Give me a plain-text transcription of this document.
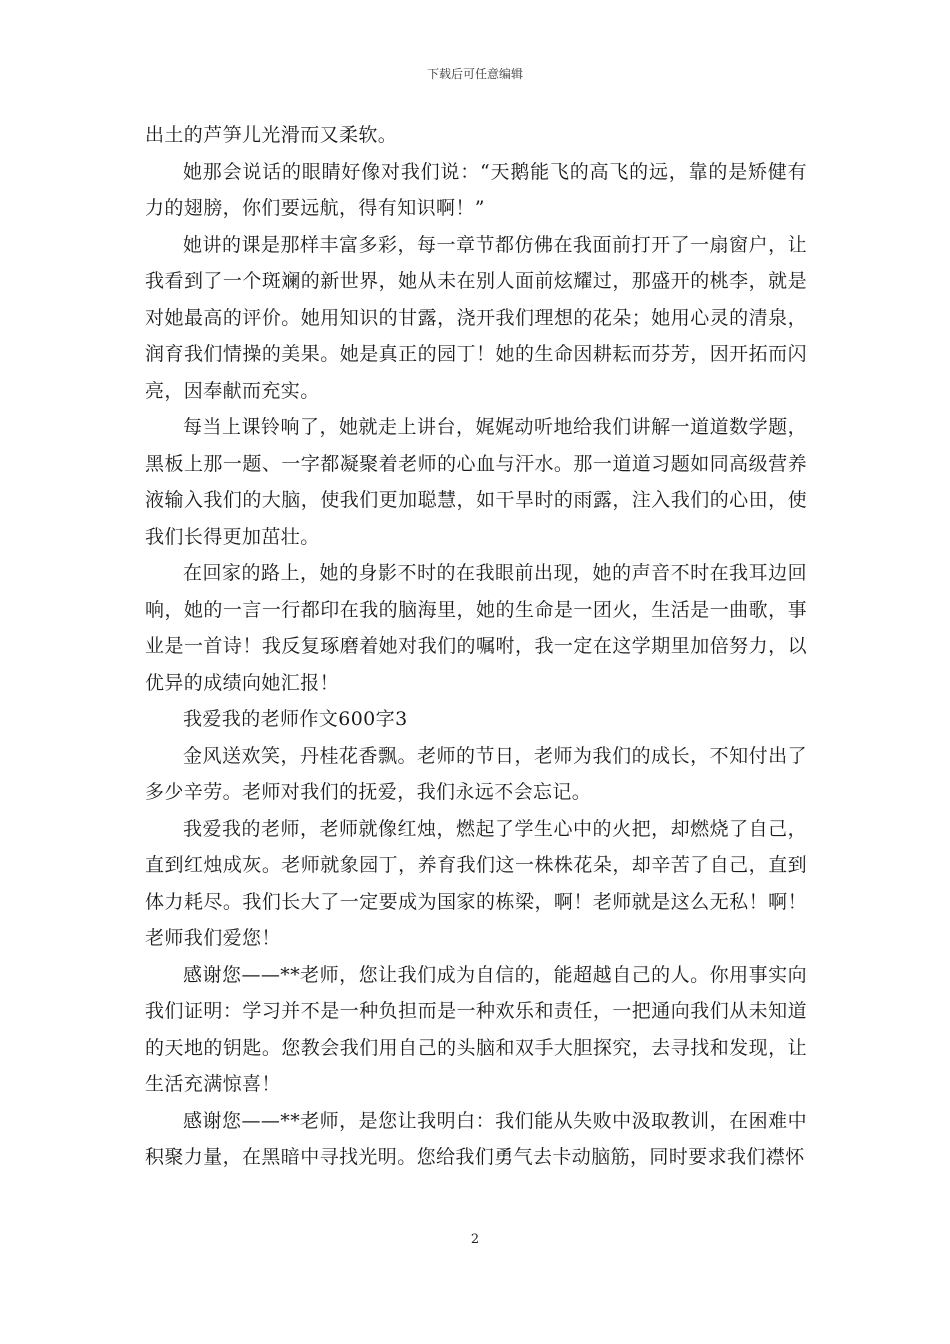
下载后可任意编辑

出土的芦笋儿光滑而又柔软。

她那会说话的眼睛好像对我们说：“天鹅能飞的高飞的远，靠的是矫健有力的翅膀，你们要远航，得有知识啊！”

她讲的课是那样丰富多彩，每一章节都仿佛在我面前打开了一扇窗户，让我看到了一个斑斓的新世界，她从未在别人面前炫耀过，那盛开的桃李，就是对她最高的评价。她用知识的甘露，浇开我们理想的花朵；她用心灵的清泉，润育我们情操的美果。她是真正的园丁！她的生命因耕耘而芬芳，因开拓而闪亮，因奉献而充实。

每当上课铃响了，她就走上讲台，娓娓动听地给我们讲解一道道数学题，黑板上那一题、一字都凝聚着老师的心血与汗水。那一道道习题如同高级营养液输入我们的大脑，使我们更加聪慧，如干旱时的雨露，注入我们的心田，使我们长得更加茁壮。

在回家的路上，她的身影不时的在我眼前出现，她的声音不时在我耳边回响，她的一言一行都印在我的脑海里，她的生命是一团火，生活是一曲歌，事业是一首诗！我反复琢磨着她对我们的嘱咐，我一定在这学期里加倍努力，以优异的成绩向她汇报！

我爱我的老师作文600字3

金风送欢笑，丹桂花香飘。老师的节日，老师为我们的成长，不知付出了多少辛劳。老师对我们的抚爱，我们永远不会忘记。

我爱我的老师，老师就像红烛，燃起了学生心中的火把，却燃烧了自己，直到红烛成灰。老师就象园丁，养育我们这一株株花朵，却辛苦了自己，直到体力耗尽。我们长大了一定要成为国家的栋梁，啊！老师就是这么无私！啊！老师我们爱您！

感谢您——**老师，您让我们成为自信的，能超越自己的人。你用事实向我们证明：学习并不是一种负担而是一种欢乐和责任，一把通向我们从未知道的天地的钥匙。您教会我们用自己的头脑和双手大胆探究，去寻找和发现，让生活充满惊喜！

感谢您——**老师，是您让我明白：我们能从失败中汲取教训，在困难中积聚力量，在黑暗中寻找光明。您给我们勇气去卡动脑筋，同时要求我们襟怀

2
